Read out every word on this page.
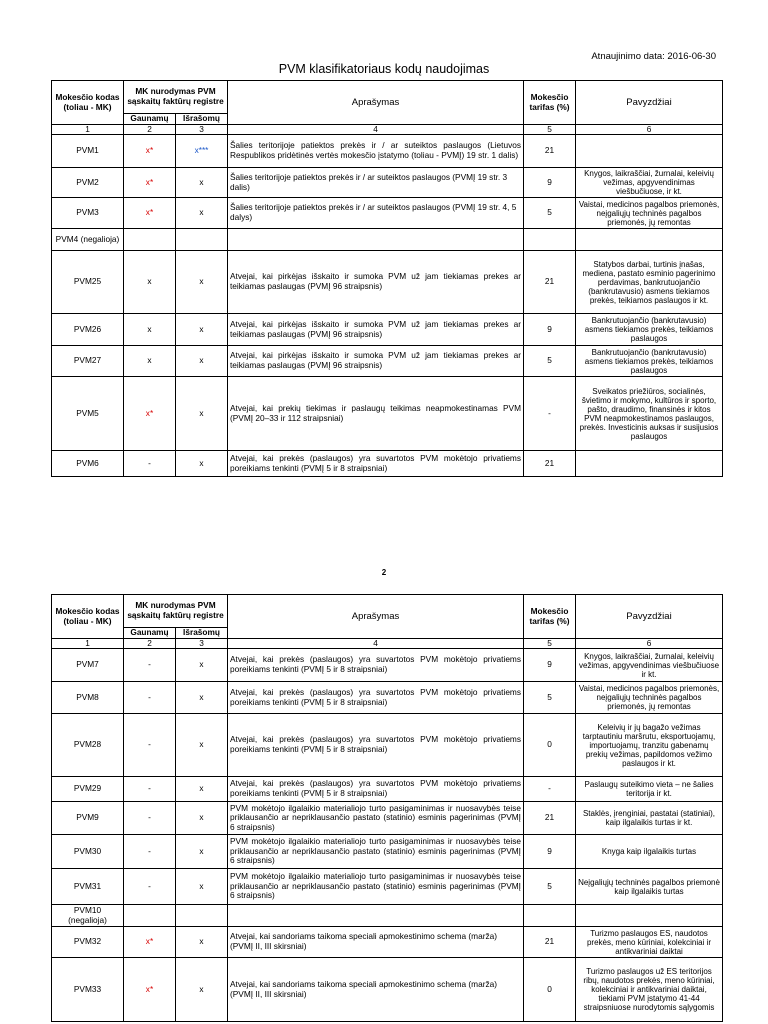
Atnaujinimo data: 2016-06-30
PVM klasifikatoriaus kodų naudojimas
Mokesčio kodas (toliau - MK)	MK nurodymas PVM sąskaitų faktūrų registre		Aprašymas	Mokesčio tarifas (%)	Pavyzdžiai
	Gaunamų	Išrašomų			
1	2	3	4	5	6
PVM1	x*	x***	Šalies teritorijoje patiektos prekės ir / ar suteiktos paslaugos (Lietuvos Respublikos pridėtinės vertės mokesčio įstatymo (toliau - PVMĮ) 19 str. 1 dalis)	21	
PVM2	x*	x	Šalies teritorijoje patiektos prekės ir / ar suteiktos paslaugos (PVMĮ 19 str. 3 dalis)	9	Knygos, laikraščiai, žurnalai, keleivių vežimas, apgyvendinimas viešbučiuose, ir kt.
PVM3	x*	x	Šalies teritorijoje patiektos prekės ir / ar suteiktos paslaugos (PVMĮ 19 str. 4, 5 dalys)	5	Vaistai, medicinos pagalbos priemonės, neįgaliųjų techninės pagalbos priemonės, jų remontas
PVM4 (negalioja)					
PVM25	x	x	Atvejai, kai pirkėjas išskaito ir sumoka PVM už jam tiekiamas prekes ar teikiamas paslaugas (PVMĮ 96 straipsnis)	21	Statybos darbai, turtinis įnašas, mediena, pastato esminio pagerinimo perdavimas, bankrutuojančio (bankrutavusio) asmens tiekiamos prekės, teikiamos paslaugos ir kt.
PVM26	x	x	Atvejai, kai pirkėjas išskaito ir sumoka PVM už jam tiekiamas prekes ar teikiamas paslaugas (PVMĮ 96 straipsnis)	9	Bankrutuojančio (bankrutavusio) asmens tiekiamos prekės, teikiamos paslaugos
PVM27	x	x	Atvejai, kai pirkėjas išskaito ir sumoka PVM už jam tiekiamas prekes ar teikiamas paslaugas (PVMĮ 96 straipsnis)	5	Bankrutuojančio (bankrutavusio) asmens tiekiamos prekės, teikiamos paslaugos
PVM5	x*	x	Atvejai, kai prekių tiekimas ir paslaugų teikimas neapmokestinamas PVM (PVMĮ 20–33 ir 112 straipsniai)	-	Sveikatos priežiūros, socialinės, švietimo ir mokymo, kultūros ir sporto, pašto, draudimo, finansinės ir kitos PVM neapmokestinamos paslaugos, prekės. Investicinis auksas ir susijusios paslaugos
PVM6	-	x	Atvejai, kai prekės (paslaugos) yra suvartotos PVM mokėtojo privatiems poreikiams tenkinti (PVMĮ 5 ir 8 straipsniai)	21	
2
Mokesčio kodas (toliau - MK)	MK nurodymas PVM sąskaitų faktūrų registre		Aprašymas	Mokesčio tarifas (%)	Pavyzdžiai
	Gaunamų	Išrašomų			
1	2	3	4	5	6
PVM7	-	x	Atvejai, kai prekės (paslaugos) yra suvartotos PVM mokėtojo privatiems poreikiams tenkinti (PVMĮ 5 ir 8 straipsniai)	9	Knygos, laikraščiai, žurnalai, keleivių vežimas, apgyvendinimas viešbučiuose ir kt.
PVM8	-	x	Atvejai, kai prekės (paslaugos) yra suvartotos PVM mokėtojo privatiems poreikiams tenkinti (PVMĮ 5 ir 8 straipsniai)	5	Vaistai, medicinos pagalbos priemonės, neįgaliųjų techninės pagalbos priemonės, jų remontas
PVM28	-	x	Atvejai, kai prekės (paslaugos) yra suvartotos PVM mokėtojo privatiems poreikiams tenkinti (PVMĮ 5 ir 8 straipsniai)	0	Keleivių ir jų bagažo vežimas tarptautiniu maršrutu, eksportuojamų, importuojamų, tranzitu gabenamų prekių vežimas, papildomos vežimo paslaugos ir kt.
PVM29	-	x	Atvejai, kai prekės (paslaugos) yra suvartotos PVM mokėtojo privatiems poreikiams tenkinti (PVMĮ 5 ir 8 straipsniai)	-	Paslaugų suteikimo vieta – ne šalies teritorija ir kt.
PVM9	-	x	PVM mokėtojo ilgalaikio materialiojo turto pasigaminimas ir nuosavybės teise priklausančio ar nepriklausančio pastato (statinio) esminis pagerinimas (PVMĮ 6 straipsnis)	21	Staklės, įrenginiai, pastatai (statiniai), kaip ilgalaikis turtas ir kt.
PVM30	-	x	PVM mokėtojo ilgalaikio materialiojo turto pasigaminimas ir nuosavybės teise priklausančio ar nepriklausančio pastato (statinio) esminis pagerinimas (PVMĮ 6 straipsnis)	9	Knyga kaip ilgalaikis turtas
PVM31	-	x	PVM mokėtojo ilgalaikio materialiojo turto pasigaminimas ir nuosavybės teise priklausančio ar nepriklausančio pastato (statinio) esminis pagerinimas (PVMĮ 6 straipsnis)	5	Neįgaliųjų techninės pagalbos priemonė kaip ilgalaikis turtas
PVM10 (negalioja)					
PVM32	x*	x	Atvejai, kai sandoriams taikoma speciali apmokestinimo schema (marža) (PVMĮ II, III skirsniai)	21	Turizmo paslaugos ES, naudotos prekės, meno kūriniai, kolekciniai ir antikvariniai daiktai
PVM33	x*	x	Atvejai, kai sandoriams taikoma speciali apmokestinimo schema (marža) (PVMĮ II, III skirsniai)	0	Turizmo paslaugos už ES teritorijos ribų, naudotos prekės, meno kūriniai, kolekciniai ir antikvariniai daiktai, tiekiami PVM įstatymo 41-44 straipsniuose nurodytomis sąlygomis
